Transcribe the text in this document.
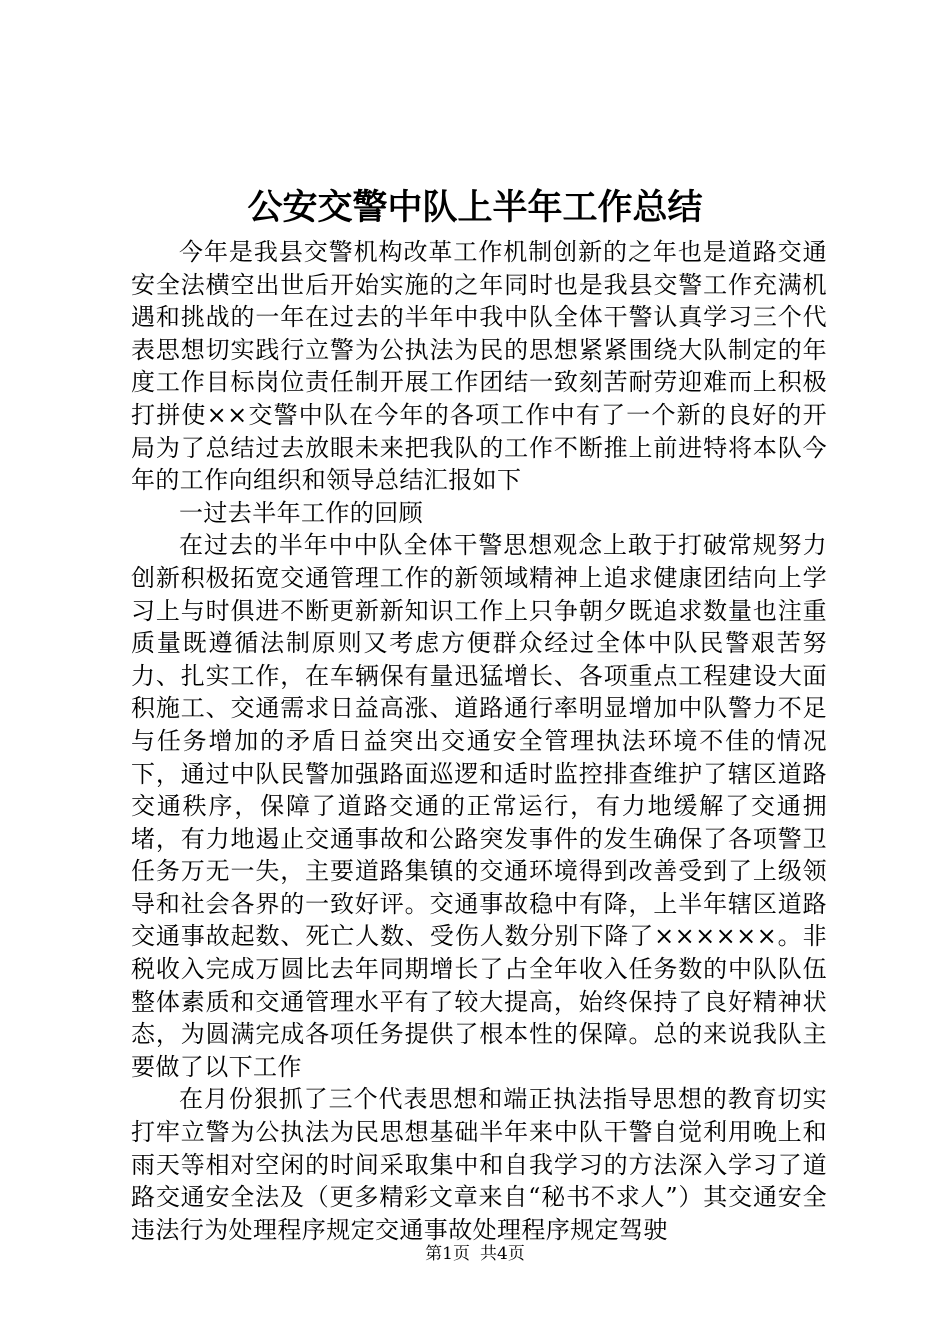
公安交警中队上半年工作总结

今年是我县交警机构改革工作机制创新的之年也是道路交通安全法横空出世后开始实施的之年同时也是我县交警工作充满机遇和挑战的一年在过去的半年中我中队全体干警认真学习三个代表思想切实践行立警为公执法为民的思想紧紧围绕大队制定的年度工作目标岗位责任制开展工作团结一致刻苦耐劳迎难而上积极打拼使××交警中队在今年的各项工作中有了一个新的良好的开局为了总结过去放眼未来把我队的工作不断推上前进特将本队今年的工作向组织和领导总结汇报如下

一过去半年工作的回顾

在过去的半年中中队全体干警思想观念上敢于打破常规努力创新积极拓宽交通管理工作的新领域精神上追求健康团结向上学习上与时俱进不断更新新知识工作上只争朝夕既追求数量也注重质量既遵循法制原则又考虑方便群众经过全体中队民警艰苦努力、扎实工作，在车辆保有量迅猛增长、各项重点工程建设大面积施工、交通需求日益高涨、道路通行率明显增加中队警力不足与任务增加的矛盾日益突出交通安全管理执法环境不佳的情况下，通过中队民警加强路面巡逻和适时监控排查维护了辖区道路交通秩序，保障了道路交通的正常运行，有力地缓解了交通拥堵，有力地遏止交通事故和公路突发事件的发生确保了各项警卫任务万无一失，主要道路集镇的交通环境得到改善受到了上级领导和社会各界的一致好评。交通事故稳中有降，上半年辖区道路交通事故起数、死亡人数、受伤人数分别下降了××××××。非税收入完成万圆比去年同期增长了占全年收入任务数的中队队伍整体素质和交通管理水平有了较大提高，始终保持了良好精神状态，为圆满完成各项任务提供了根本性的保障。总的来说我队主要做了以下工作

在月份狠抓了三个代表思想和端正执法指导思想的教育切实打牢立警为公执法为民思想基础半年来中队干警自觉利用晚上和雨天等相对空闲的时间采取集中和自我学习的方法深入学习了道路交通安全法及（更多精彩文章来自“秘书不求人”）其交通安全违法行为处理程序规定交通事故处理程序规定驾驶

第1页 共4页
